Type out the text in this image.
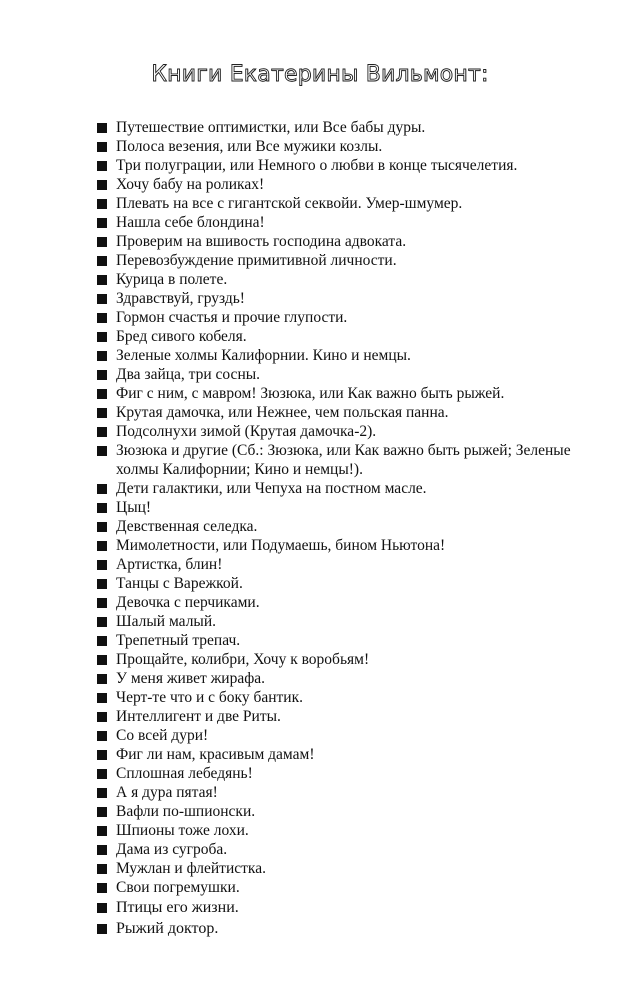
Книги Екатерины Вильмонт:
Путешествие оптимистки, или Все бабы дуры.
Полоса везения, или Все мужики козлы.
Три полуграции, или Немного о любви в конце тысячелетия.
Хочу бабу на роликах!
Плевать на все с гигантской секвойи. Умер-шмумер.
Нашла себе блондина!
Проверим на вшивость господина адвоката.
Перевозбуждение примитивной личности.
Курица в полете.
Здравствуй, груздь!
Гормон счастья и прочие глупости.
Бред сивого кобеля.
Зеленые холмы Калифорнии. Кино и немцы.
Два зайца, три сосны.
Фиг с ним, с мавром! Зюзюка, или Как важно быть рыжей.
Крутая дамочка, или Нежнее, чем польская панна.
Подсолнухи зимой (Крутая дамочка-2).
Зюзюка и другие (Сб.: Зюзюка, или Как важно быть рыжей; Зеленые холмы Калифорнии; Кино и немцы!).
Дети галактики, или Чепуха на постном масле.
Цыц!
Девственная селедка.
Мимолетности, или Подумаешь, бином Ньютона!
Артистка, блин!
Танцы с Варежкой.
Девочка с перчиками.
Шалый малый.
Трепетный трепач.
Прощайте, колибри, Хочу к воробьям!
У меня живет жирафа.
Черт-те что и с боку бантик.
Интеллигент и две Риты.
Со всей дури!
Фиг ли нам, красивым дамам!
Сплошная лебедянь!
А я дура пятая!
Вафли по-шпионски.
Шпионы тоже лохи.
Дама из сугроба.
Мужлан и флейтистка.
Свои погремушки.
Птицы его жизни.
Рыжий доктор.
